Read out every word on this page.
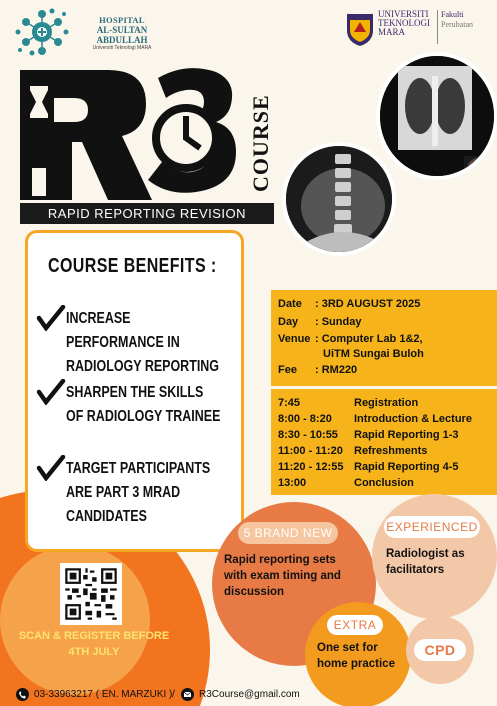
HOSPITAL
AL-SULTAN ABDULLAH
Universiti Teknologi MARA
UNIVERSITI
TEKNOLOGI
MARA
Fakulti
Perubatan
COURSE
RAPID REPORTING REVISION
COURSE BENEFITS :
INCREASE PERFORMANCE IN RADIOLOGY REPORTING
SHARPEN THE SKILLS OF RADIOLOGY TRAINEE
TARGET PARTICIPANTS ARE PART 3 MRAD CANDIDATES
Date : 3RD AUGUST 2025
Day : Sunday
Venue : Computer Lab 1&2,
UiTM Sungai Buloh
Fee : RM220
7:45	Registration
8:00 - 8:20 Introduction & Lecture
8:30 - 10:55 Rapid Reporting 1-3
11:00 - 11:20 Refreshments
11:20 - 12:55 Rapid Reporting 4-5
13:00	Conclusion
5 BRAND NEW
Rapid reporting sets with exam timing and discussion
EXPERIENCED
Radiologist as facilitators
EXTRA
One set for home practice
CPD
SCAN & REGISTER BEFORE
4TH JULY
03-33963217 ( EN. MARZUKI ) / R3Course@gmail.com
